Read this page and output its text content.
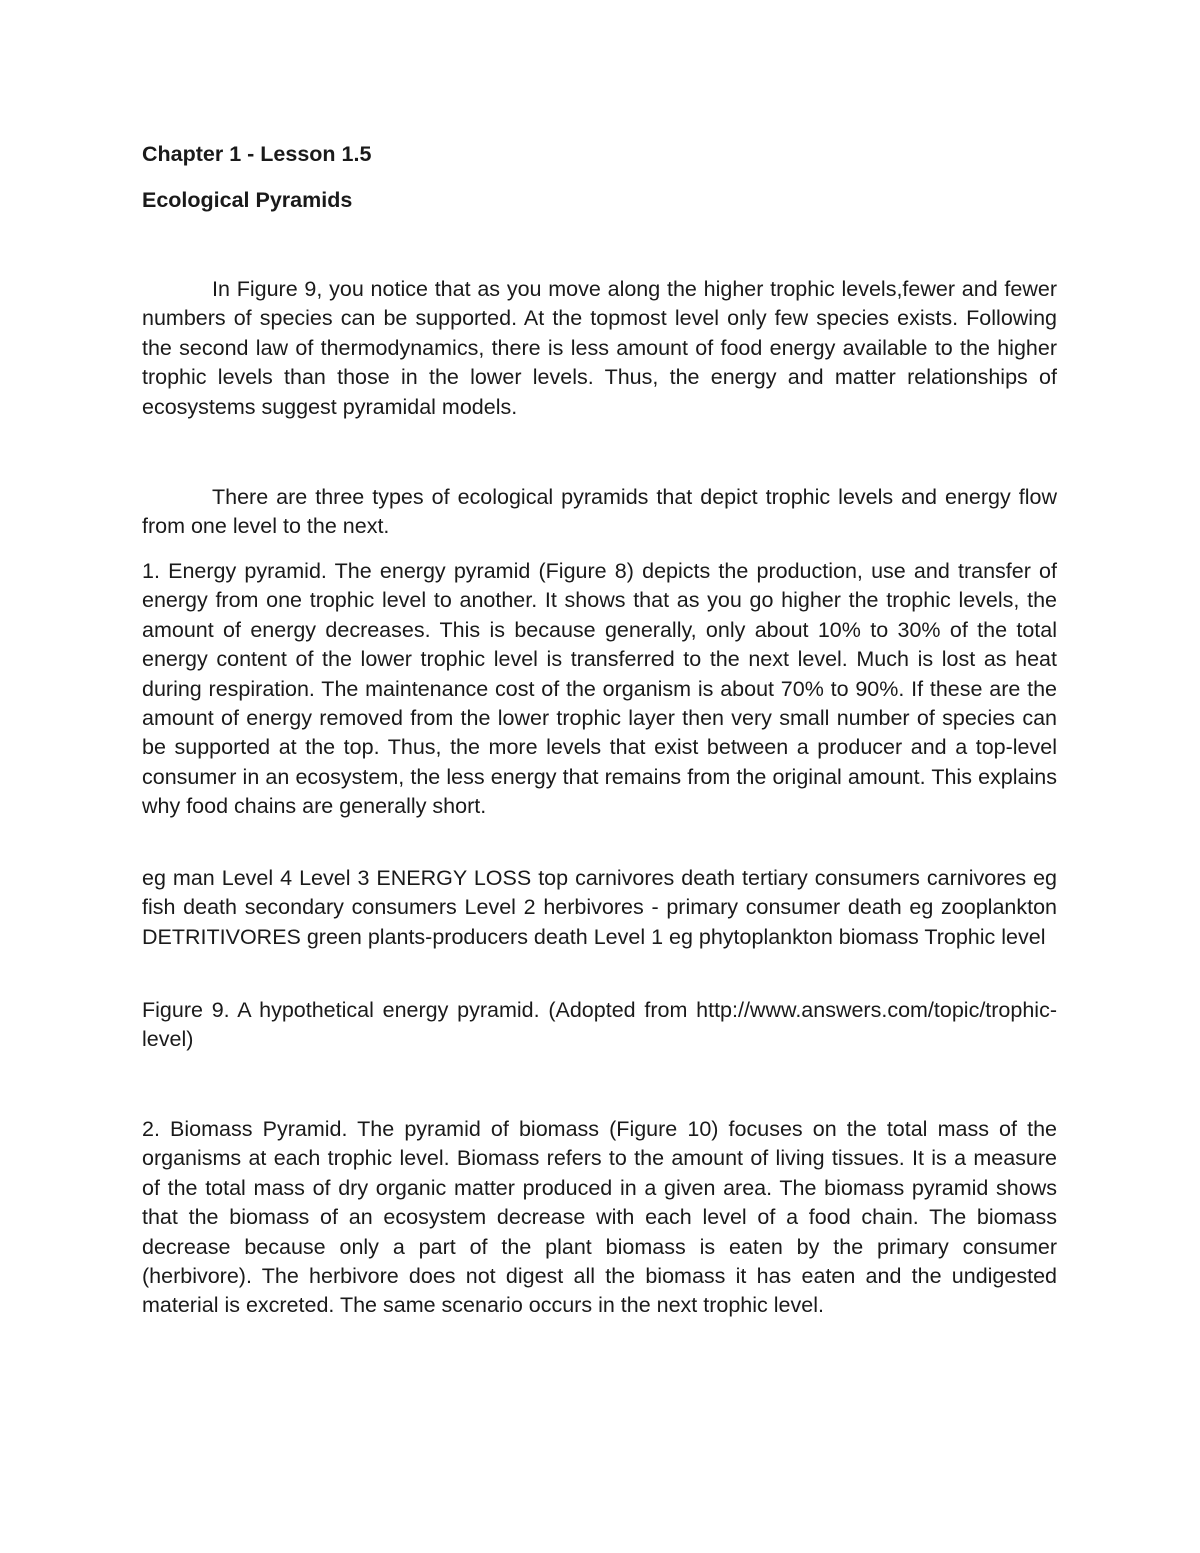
Chapter 1 - Lesson 1.5
Ecological Pyramids

In Figure 9, you notice that as you move along the higher trophic levels,fewer and fewer numbers of species can be supported. At the topmost level only few species exists. Following the second law of thermodynamics, there is less amount of food energy available to the higher trophic levels than those in the lower levels. Thus, the energy and matter relationships of ecosystems suggest pyramidal models.

There are three types of ecological pyramids that depict trophic levels and energy flow from one level to the next.

1. Energy pyramid. The energy pyramid (Figure 8) depicts the production, use and transfer of energy from one trophic level to another. It shows that as you go higher the trophic levels, the amount of energy decreases. This is because generally, only about 10% to 30% of the total energy content of the lower trophic level is transferred to the next level. Much is lost as heat during respiration. The maintenance cost of the organism is about 70% to 90%. If these are the amount of energy removed from the lower trophic layer then very small number of species can be supported at the top. Thus, the more levels that exist between a producer and a top-level consumer in an ecosystem, the less energy that remains from the original amount. This explains why food chains are generally short.

eg man Level 4 Level 3 ENERGY LOSS top carnivores death tertiary consumers carnivores eg fish death secondary consumers Level 2 herbivores - primary consumer death eg zooplankton DETRITIVORES green plants-producers death Level 1 eg phytoplankton biomass Trophic level

Figure 9. A hypothetical energy pyramid. (Adopted from http://www.answers.com/topic/trophic-level)

2. Biomass Pyramid. The pyramid of biomass (Figure 10) focuses on the total mass of the organisms at each trophic level. Biomass refers to the amount of living tissues. It is a measure of the total mass of dry organic matter produced in a given area. The biomass pyramid shows that the biomass of an ecosystem decrease with each level of a food chain. The biomass decrease because only a part of the plant biomass is eaten by the primary consumer (herbivore). The herbivore does not digest all the biomass it has eaten and the undigested material is excreted. The same scenario occurs in the next trophic level.
